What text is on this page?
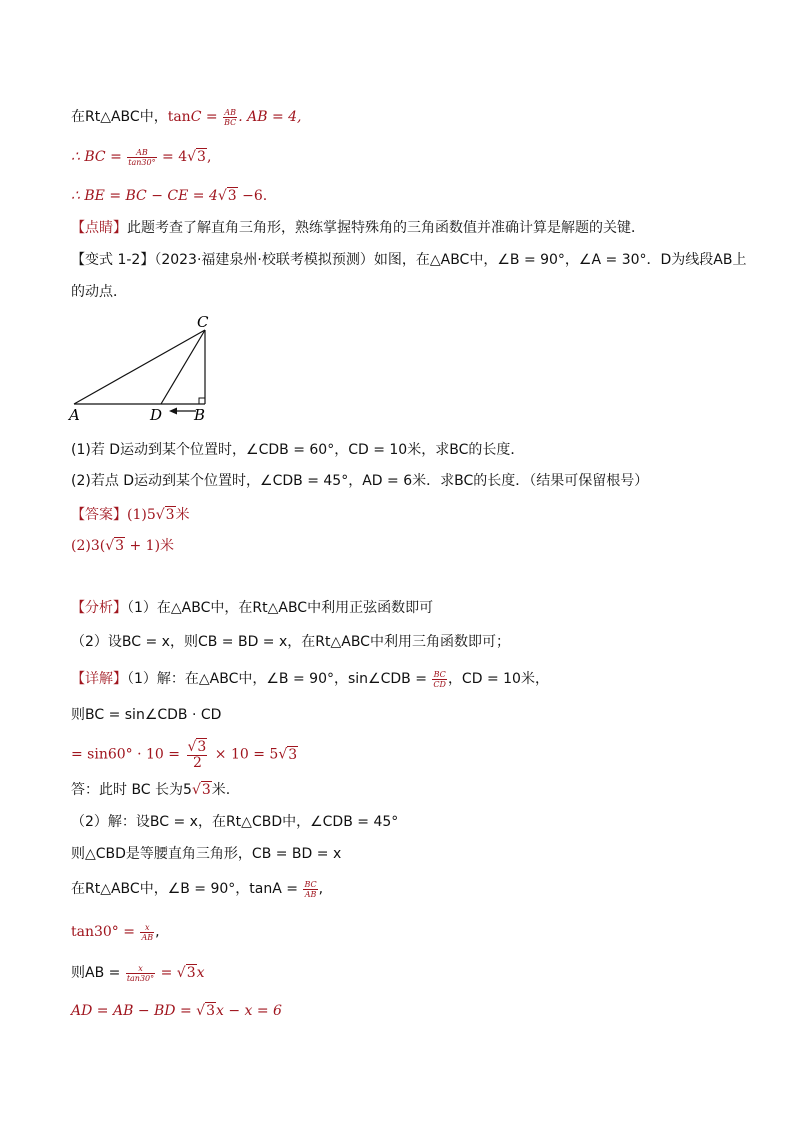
在Rt△ABC中，$\tan C = \frac{AB}{BC}$ . AB = 4,
∴ BC = $\frac{AB}{\tan 30^\circ} = 4√3$,
∴ BE = BC − CE = 4√3 −6.
【点睛】此题考查了解直角三角形，熟练掌握特殊角的三角函数值并准确计算是解题的关键．
【变式 1-2】（2023·福建泉州·校联考模拟预测）如图，在△ABC中，∠B = 90°，∠A = 30°．D为线段AB上
的动点．
A	D B
C
(1)若 D运动到某个位置时，∠CDB = 60°，CD = 10米，求BC的长度．
(2)若点 D运动到某个位置时，∠CDB = 45°，AD = 6米．求BC的长度．（结果可保留根号）
【答案】(1)5√3米
(2)3(√3 + 1)米
【分析】（1）在△ABC中，在Rt△ABC中利用正弦函数即可
（2）设BC = x，则CB = BD = x，在Rt△ABC中利用三角函数即可；
【详解】（1）解：在△ABC中，∠B = 90°，sin∠CDB = $\frac{BC}{CD}$ ，CD = 10米，
则BC = sin∠CDB · CD
= $\sin 60^\circ \cdot 10 = \frac{√3}{2} \times 10 = 5√3$
答：此时 BC 长为5√3米.
（2）解：设BC = x，在Rt△CBD中，∠CDB = 45°
则△CBD是等腰直角三角形，CB = BD = x
在Rt△ABC中，∠B = 90°，$\tan A = \frac{BC}{AB}$ ,
$\tan 30^\circ = \frac{x}{AB}$ ,
则AB = $\frac{x}{\tan 30^\circ} = √3x$
AD = AB − BD = √3x − x = 6
